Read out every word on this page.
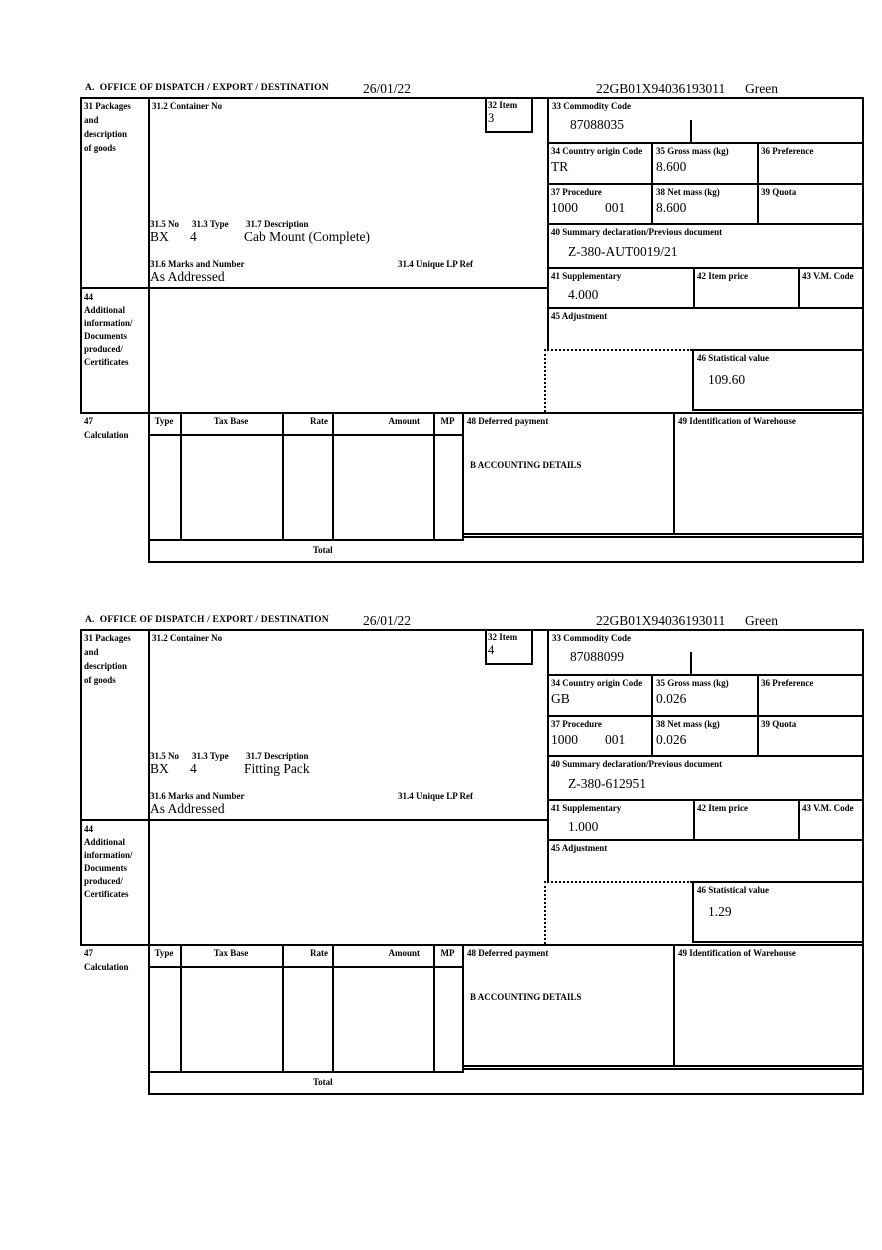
A.  OFFICE OF DISPATCH / EXPORT / DESTINATION	26/01/22	22GB01X94036193011 Green
31 Packages
and
description
of goods
31.2 Container No	32 Item
3
33 Commodity Code
87088035
34 Country origin Code
TR
35 Gross mass (kg)
8.600
36 Preference
37 Procedure
1000 001
38 Net mass (kg)
8.600
39 Quota
40 Summary declaration/Previous document
Z-380-AUT0019/21
41 Supplementary
4.000
42 Item price	43 V.M. Code
45 Adjustment
46 Statistical value
109.60
31.5 No 31.3 Type 31.7 Description
BX 4	Cab Mount (Complete)
31.6 Marks and Number	31.4 Unique LP Ref
As Addressed
44
Additional
information/
Documents
produced/
Certificates
47
Calculation
Type	Tax Base	Rate	Amount	MP	48 Deferred payment	49 Identification of Warehouse
B ACCOUNTING DETAILS
Total
A.  OFFICE OF DISPATCH / EXPORT / DESTINATION	26/01/22	22GB01X94036193011 Green
31 Packages
and
description
of goods
31.2 Container No	32 Item
4
33 Commodity Code
87088099
34 Country origin Code
GB
35 Gross mass (kg)
0.026
36 Preference
37 Procedure
1000 001
38 Net mass (kg)
0.026
39 Quota
40 Summary declaration/Previous document
Z-380-612951
41 Supplementary
1.000
42 Item price	43 V.M. Code
45 Adjustment
46 Statistical value
1.29
31.5 No 31.3 Type 31.7 Description
BX 4	Fitting Pack
31.6 Marks and Number	31.4 Unique LP Ref
As Addressed
44
Additional
information/
Documents
produced/
Certificates
47
Calculation
Type	Tax Base	Rate	Amount	MP	48 Deferred payment	49 Identification of Warehouse
B ACCOUNTING DETAILS
Total
